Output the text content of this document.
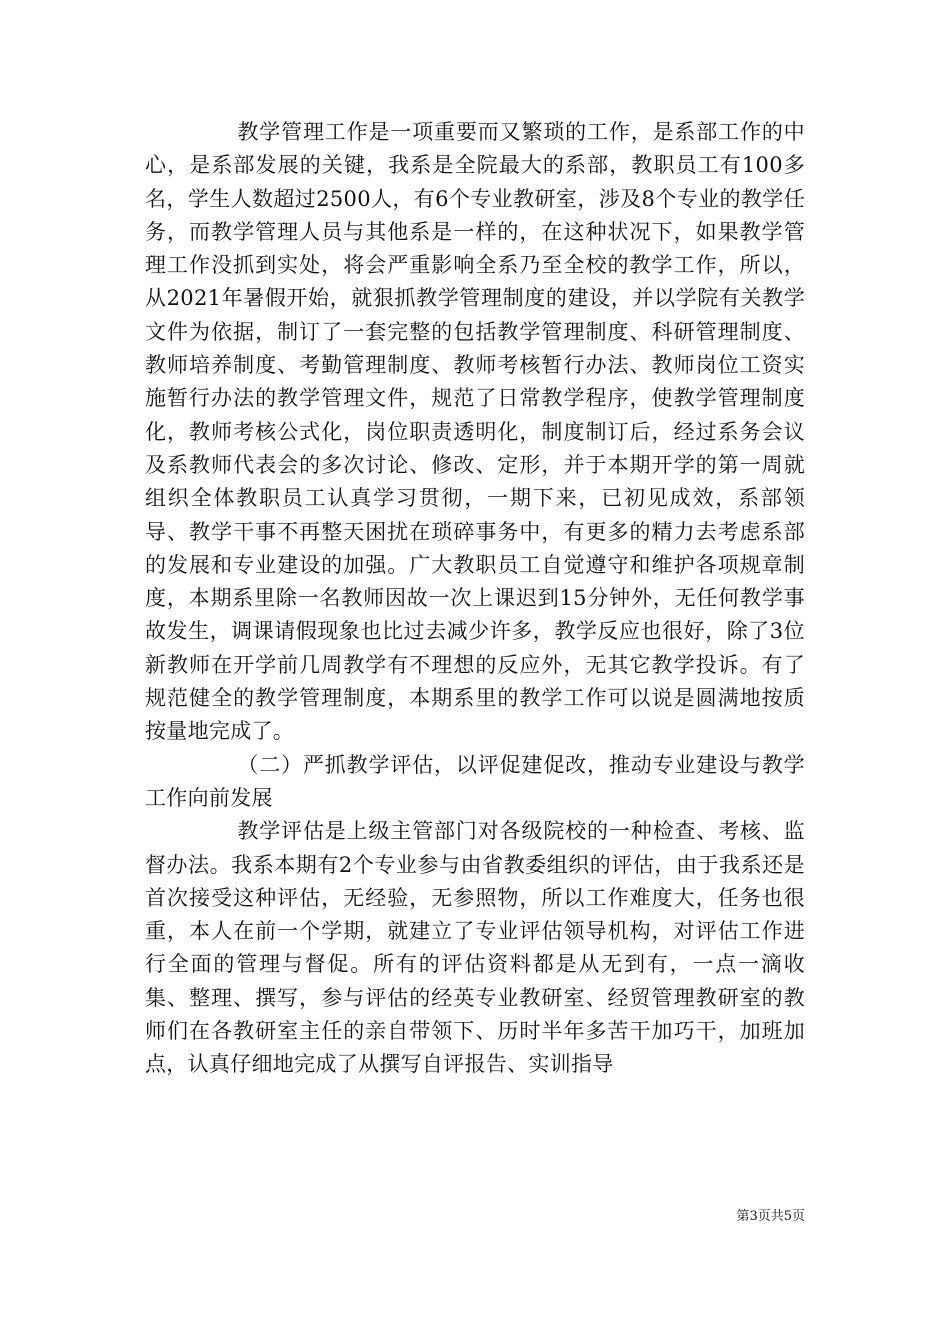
教学管理工作是一项重要而又繁琐的工作，是系部工作的中心，是系部发展的关键，我系是全院最大的系部，教职员工有100多名，学生人数超过2500人，有6个专业教研室，涉及8个专业的教学任务，而教学管理人员与其他系是一样的，在这种状况下，如果教学管理工作没抓到实处，将会严重影响全系乃至全校的教学工作，所以，从2021年暑假开始，就狠抓教学管理制度的建设，并以学院有关教学文件为依据，制订了一套完整的包括教学管理制度、科研管理制度、教师培养制度、考勤管理制度、教师考核暂行办法、教师岗位工资实施暂行办法的教学管理文件，规范了日常教学程序，使教学管理制度化，教师考核公式化，岗位职责透明化，制度制订后，经过系务会议及系教师代表会的多次讨论、修改、定形，并于本期开学的第一周就组织全体教职员工认真学习贯彻，一期下来，已初见成效，系部领导、教学干事不再整天困扰在琐碎事务中，有更多的精力去考虑系部的发展和专业建设的加强。广大教职员工自觉遵守和维护各项规章制度，本期系里除一名教师因故一次上课迟到15分钟外，无任何教学事故发生，调课请假现象也比过去减少许多，教学反应也很好，除了3位新教师在开学前几周教学有不理想的反应外，无其它教学投诉。有了规范健全的教学管理制度，本期系里的教学工作可以说是圆满地按质按量地完成了。

（二）严抓教学评估，以评促建促改，推动专业建设与教学工作向前发展

教学评估是上级主管部门对各级院校的一种检查、考核、监督办法。我系本期有2个专业参与由省教委组织的评估，由于我系还是首次接受这种评估，无经验，无参照物，所以工作难度大，任务也很重，本人在前一个学期，就建立了专业评估领导机构，对评估工作进行全面的管理与督促。所有的评估资料都是从无到有，一点一滴收集、整理、撰写，参与评估的经英专业教研室、经贸管理教研室的教师们在各教研室主任的亲自带领下、历时半年多苦干加巧干，加班加点，认真仔细地完成了从撰写自评报告、实训指导

第3页共5页
